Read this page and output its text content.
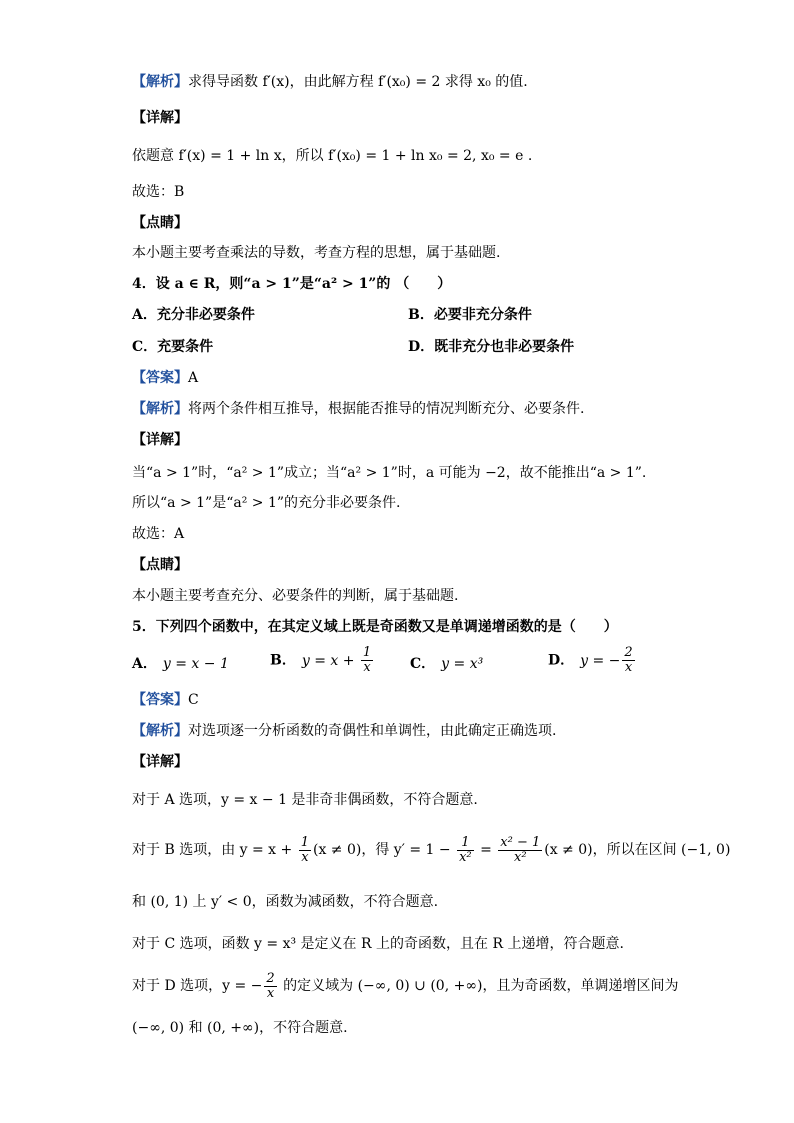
【解析】求得导函数 f′(x)，由此解方程 f′(x₀) = 2 求得 x₀ 的值.
【详解】
依题意 f′(x) = 1 + ln x，所以 f′(x₀) = 1 + ln x₀ = 2, x₀ = e .
故选：B
【点睛】
本小题主要考查乘法的导数，考查方程的思想，属于基础题.
4．设 a ∈ R，则“a > 1”是“a² > 1”的 （　　）
A．充分非必要条件	B．必要非充分条件
C．充要条件	D．既非充分也非必要条件
【答案】A
【解析】将两个条件相互推导，根据能否推导的情况判断充分、必要条件.
【详解】
当“a > 1”时，“a² > 1”成立；当“a² > 1”时，a 可能为 −2，故不能推出“a > 1”.
所以“a > 1”是“a² > 1”的充分非必要条件.
故选：A
【点睛】
本小题主要考查充分、必要条件的判断，属于基础题.
5．下列四个函数中，在其定义域上既是奇函数又是单调递增函数的是（　　）
A． y = x − 1	B． $y = x + \frac{1}{x}$	C． y = x³	D． y = − $\frac{2}{x}$
【答案】C
【解析】对选项逐一分析函数的奇偶性和单调性，由此确定正确选项.
【详解】
对于 A 选项，y = x − 1 是非奇非偶函数，不符合题意.
对于 B 选项，由 $y = x + \frac{1}{x} (x \ne 0)$，得 $y' = 1 - \frac{1}{\text{x²}} = \frac{\text{x² − 1}}{\text{x²}} (x \ne 0)$，所以在区间 (−1, 0)
和 (0, 1) 上 y′ < 0，函数为减函数，不符合题意.
对于 C 选项，函数 y = x³ 是定义在 R 上的奇函数，且在 R 上递增，符合题意.
对于 D 选项，y = − $\frac{2}{x}$ 的定义域为 (−∞, 0) ∪ (0, +∞)，且为奇函数，单调递增区间为
(−∞, 0) 和 (0, +∞)，不符合题意.
